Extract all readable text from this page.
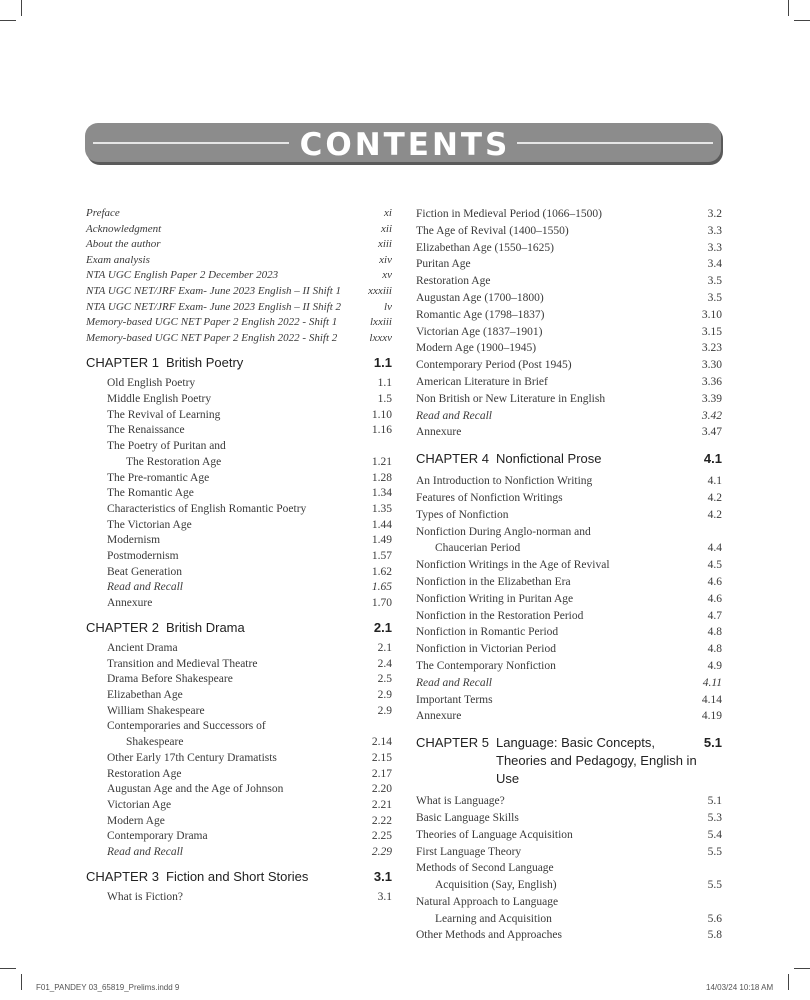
CONTENTS
Preface	xi
Acknowledgment	xii
About the author	xiii
Exam analysis	xiv
NTA UGC English Paper 2 December 2023	xv
NTA UGC NET/JRF Exam- June 2023 English – II Shift 1	xxxiii
NTA UGC NET/JRF Exam- June 2023 English – II Shift 2	lv
Memory-based UGC NET Paper 2 English 2022 - Shift 1	lxxiii
Memory-based UGC NET Paper 2 English 2022 - Shift 2	lxxxv
CHAPTER 1 British Poetry	1.1
Old English Poetry	1.1
Middle English Poetry	1.5
The Revival of Learning	1.10
The Renaissance	1.16
The Poetry of Puritan and
The Restoration Age	1.21
The Pre-romantic Age	1.28
The Romantic Age	1.34
Characteristics of English Romantic Poetry	1.35
The Victorian Age	1.44
Modernism	1.49
Postmodernism	1.57
Beat Generation	1.62
Read and Recall	1.65
Annexure	1.70
CHAPTER 2 British Drama	2.1
Ancient Drama	2.1
Transition and Medieval Theatre	2.4
Drama Before Shakespeare	2.5
Elizabethan Age	2.9
William Shakespeare	2.9
Contemporaries and Successors of
Shakespeare	2.14
Other Early 17th Century Dramatists	2.15
Restoration Age	2.17
Augustan Age and the Age of Johnson	2.20
Victorian Age	2.21
Modern Age	2.22
Contemporary Drama	2.25
Read and Recall	2.29
CHAPTER 3 Fiction and Short Stories	3.1
What is Fiction?	3.1
Fiction in Medieval Period (1066–1500)	3.2
The Age of Revival (1400–1550)	3.3
Elizabethan Age (1550–1625)	3.3
Puritan Age	3.4
Restoration Age	3.5
Augustan Age (1700–1800)	3.5
Romantic Age (1798–1837)	3.10
Victorian Age (1837–1901)	3.15
Modern Age (1900–1945)	3.23
Contemporary Period (Post 1945)	3.30
American Literature in Brief	3.36
Non British or New Literature in English	3.39
Read and Recall	3.42
Annexure	3.47
CHAPTER 4 Nonfictional Prose	4.1
An Introduction to Nonfiction Writing	4.1
Features of Nonfiction Writings	4.2
Types of Nonfiction	4.2
Nonfiction During Anglo-norman and
Chaucerian Period	4.4
Nonfiction Writings in the Age of Revival	4.5
Nonfiction in the Elizabethan Era	4.6
Nonfiction Writing in Puritan Age	4.6
Nonfiction in the Restoration Period	4.7
Nonfiction in Romantic Period	4.8
Nonfiction in Victorian Period	4.8
The Contemporary Nonfiction	4.9
Read and Recall	4.11
Important Terms	4.14
Annexure	4.19
CHAPTER 5 Language: Basic Concepts,
Theories and Pedagogy, English in Use
5.1
What is Language?	5.1
Basic Language Skills	5.3
Theories of Language Acquisition	5.4
First Language Theory	5.5
Methods of Second Language
Acquisition (Say, English)	5.5
Natural Approach to Language
Learning and Acquisition	5.6
Other Methods and Approaches	5.8
F01_PANDEY 03_65819_Prelims.indd 9	14/03/24 10:18 AM
